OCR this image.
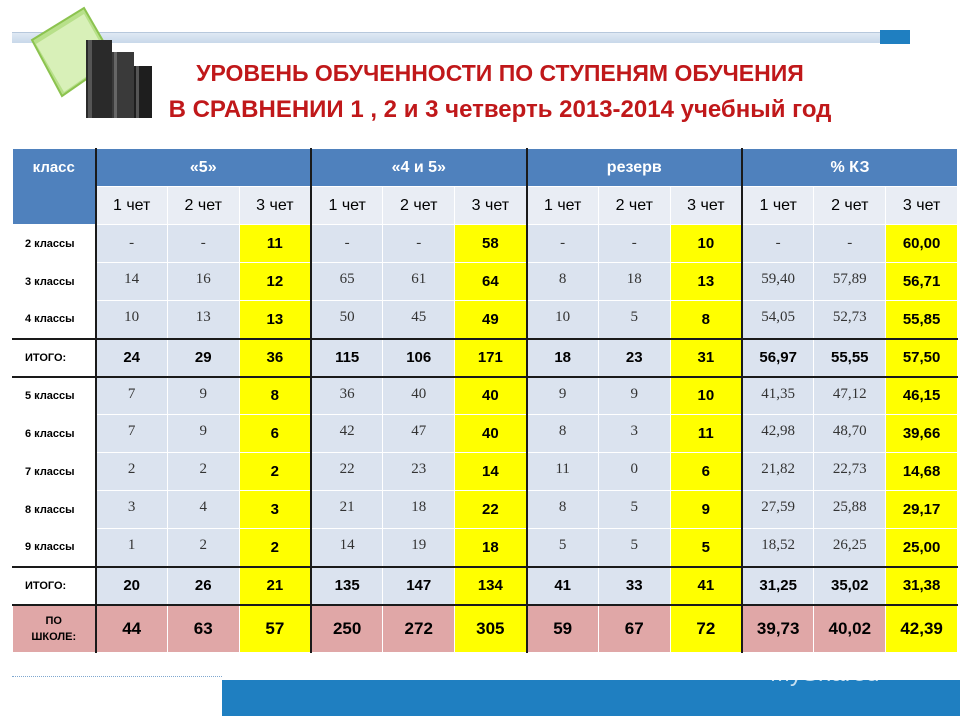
УРОВЕНЬ ОБУЧЕННОСТИ ПО СТУПЕНЯМ ОБУЧЕНИЯ
В СРАВНЕНИИ 1 , 2 и 3 четверть 2013-2014 учебный год
класс	«5»			«4 и 5»			резерв			% КЗ		
	1 чет	2 чет	3 чет	1 чет	2 чет	3 чет	1 чет	2 чет	3 чет	1 чет	2 чет	3 чет
2 классы	-	-	11	-	-	58	-	-	10	-	-	60,00
3 классы	14	16	12	65	61	64	8	18	13	59,40	57,89	56,71
4 классы	10	13	13	50	45	49	10	5	8	54,05	52,73	55,85
ИТОГО:	24	29	36	115	106	171	18	23	31	56,97	55,55	57,50
5 классы	7	9	8	36	40	40	9	9	10	41,35	47,12	46,15
6 классы	7	9	6	42	47	40	8	3	11	42,98	48,70	39,66
7 классы	2	2	2	22	23	14	11	0	6	21,82	22,73	14,68
8 классы	3	4	3	21	18	22	8	5	9	27,59	25,88	29,17
9 классы	1	2	2	14	19	18	5	5	5	18,52	26,25	25,00
ИТОГО:	20	26	21	135	147	134	41	33	41	31,25	35,02	31,38

ПО
ШКОЛЕ:	44	63	57	250	272	305	59	67	72	39,73	40,02	42,39
MyShared
